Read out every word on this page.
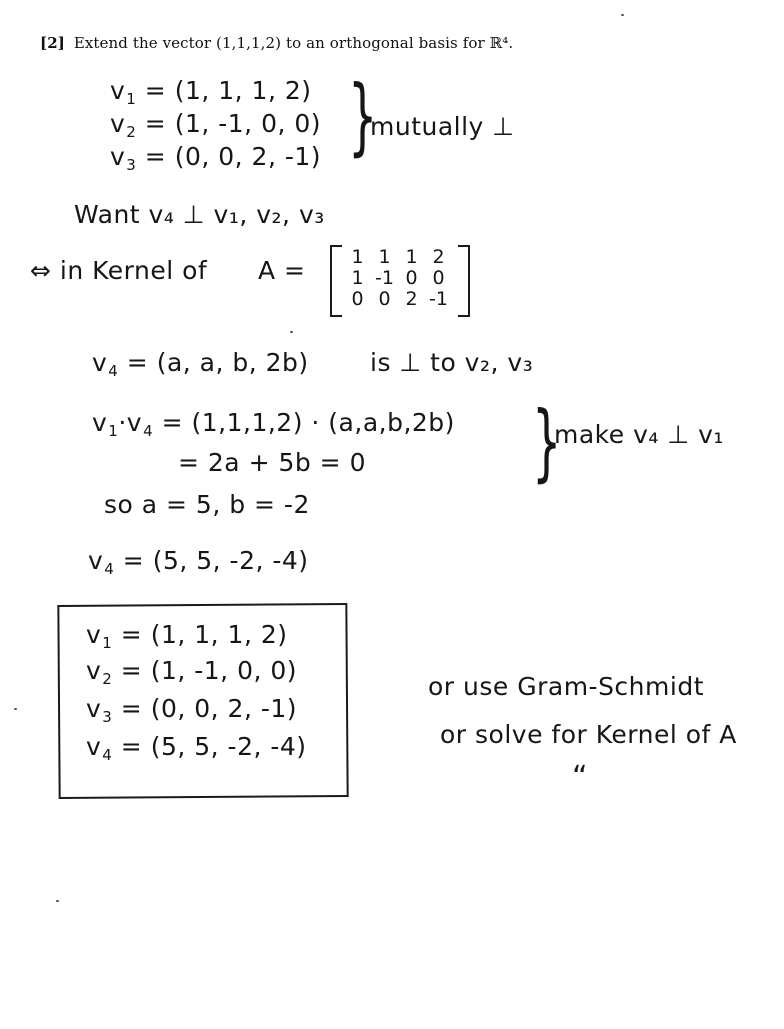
[2] Extend the vector (1,1,1,2) to an orthogonal basis for ℝ⁴.
$v_1 = (1$, 1, 1, 2)
$v_2 = (1$, -1, 0, 0)
$v_3 = (0$, 0, 2, -1) }
mutually ⊥
Want v₄ ⊥ v₁, v₂, v₃
⇔ in Kernel of A = 1	1	1	2
1	-1	0	0
0	0	2	-1
$v_4 = (a$, a, b, 2b) is ⊥ to v₂, v₃
$v_1\cdot v_4 = (1,1,1,2) \cdot (a,a,b,2b)$
= 2a + 5b = 0 }
make v₄ ⊥ v₁
so a = 5, b = -2
$v_4 = (5$, 5, -2, -4)
$v_1 = (1$, 1, 1, 2)
$v_2 = (1$, -1, 0, 0)
$v_3 = (0$, 0, 2, -1)
$v_4 = (5$, 5, -2, -4)
or use Gram-Schmidt
or solve for Kernel of A
“
